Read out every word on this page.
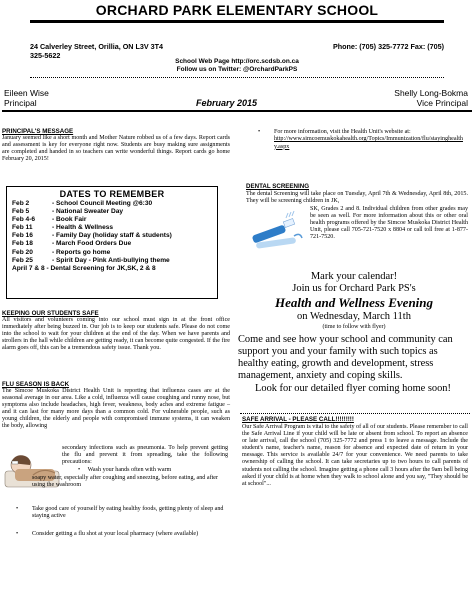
ORCHARD PARK ELEMENTARY SCHOOL
24 Calverley Street, Orillia, ON L3V 3T4
325-5622
Phone: (705) 325-7772 Fax: (705)
School Web Page http://orc.scdsb.on.ca
Follow us on Twitter: @OrchardParkPS
Eileen Wise
Principal	February 2015
Shelly Long-Bokma
Vice Principal
PRINCIPAL'S MESSAGE
January seemed like a short month and Mother Nature robbed us of a few days. Report cards and assessment is key for everyone right now. Students are busy making sure assignments are completed and handed in so teachers can write wonderful things. Report cards go home February 20, 2015!
DATES TO REMEMBER
Feb 2	- School Council Meeting @6:30
Feb 5	- National Sweater Day
Feb 4-6	- Book Fair
Feb 11	- Health & Wellness
Feb 16	- Family Day (holiday staff & students)
Feb 18	- March Food Orders Due
Feb 20	- Reports go home
Feb 25	- Spirit Day - Pink Anti-bullying theme
April 7 & 8 - Dental Screening for JK,SK, 2 & 8
KEEPING OUR STUDENTS SAFE
All visitors and volunteers coming into our school must sign in at the front office immediately after being buzzed in. Our job is to keep our students safe. Please do not come into the school to wait for your children at the end of the day. When we have parents and strollers in the hall while children are getting ready, it can become quite congested. If the fire alarm goes off, this can be a tremendous safety issue. Thank you.
FLU SEASON IS BACK
The Simcoe Muskoka District Health Unit is reporting that influenza cases are at the seasonal average in our area. Like a cold, influenza will cause coughing and runny nose, but symptoms also include headaches, high fever, weakness, body aches and extreme fatigue – and it can last for many more days than a common cold. For vulnerable people, such as young children, the elderly and people with compromised immune systems, it can weaken the body, allowing
secondary infections such as pneumonia. To help prevent getting the flu and prevent it from spreading, take the following precautions:
• Wash your hands often with warm
soapy water, especially after coughing and sneezing, before eating, and after using the washroom
• Take good care of yourself by eating healthy foods, getting plenty of sleep and staying active
• Consider getting a flu shot at your local pharmacy (where available)
• For more information, visit the Health Unit's website at:
http://www.simcoemuskokahealth.org/Topics/Immunization/flu/stayinghealthy.aspx
DENTAL SCREENING
The dental Screening will take place on Tuesday, April 7th & Wednesday, April 8th, 2015. They will be screening children in JK,
SK, Grades 2 and 8. Individual children from other grades may be seen as well. For more information about this or other oral health programs offered by the Simcoe Muskoka District Health Unit, please call 705-721-7520 x 8804 or call toll free at 1-877-721-7520.
Mark your calendar!
Join us for Orchard Park PS's
Health and Wellness Evening
on Wednesday, March 11th
(time to follow with flyer)
Come and see how your school and community can support you and your family with such topics as healthy eating, growth and development, stress management, anxiety and coping skills.
Look for our detailed flyer coming home soon!
SAFE ARRIVAL - PLEASE CALL!!!!!!!!!
Our Safe Arrival Program is vital to the safety of all of our students. Please remember to call the Safe Arrival Line if your child will be late or absent from school. To report an absence or late arrival, call the school (705) 325-7772 and press 1 to leave a message. Include the student's name, teacher's name, reason for absence and expected date of return in your message. This service is available 24/7 for your convenience. We need parents to take ownership of calling the school. It can take secretaries up to two hours to call parents of students not calling the school. Imagine getting a phone call 3 hours after the 9am bell being asked if your child is at home when they walk to school alone and you say, "They should be at school"...
